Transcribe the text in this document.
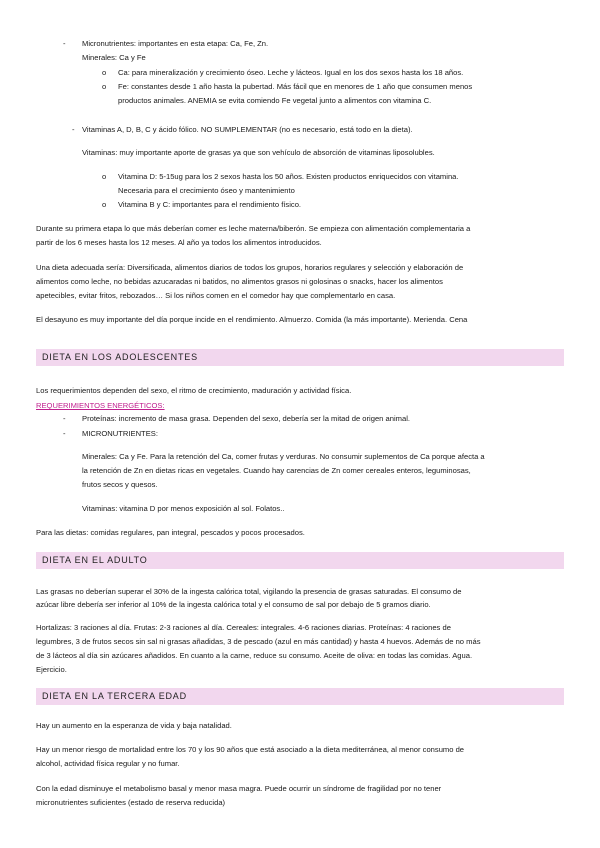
- Micronutrientes: importantes en esta etapa: Ca, Fe, Zn.

Minerales: Ca y Fe

o Ca: para mineralización y crecimiento óseo. Leche y lácteos. Igual en los dos sexos hasta los 18 años.

o Fe: constantes desde 1 año hasta la pubertad. Más fácil que en menores de 1 año que consumen menos

productos animales. ANEMIA se evita comiendo Fe vegetal junto a alimentos con vitamina C.

- Vitaminas A, D, B, C y ácido fólico. NO SUMPLEMENTAR (no es necesario, está todo en la dieta).

Vitaminas: muy importante aporte de grasas ya que son vehículo de absorción de vitaminas liposolubles.

o Vitamina D: 5-15ug para los 2 sexos hasta los 50 años. Existen productos enriquecidos con vitamina.

Necesaria para el crecimiento óseo y mantenimiento

o Vitamina B y C: importantes para el rendimiento físico.

Durante su primera etapa lo que más deberían comer es leche materna/biberón. Se empieza con alimentación complementaria a

partir de los 6 meses hasta los 12 meses. Al año ya todos los alimentos introducidos.

Una dieta adecuada sería: Diversificada, alimentos diarios de todos los grupos, horarios regulares y selección y elaboración de

alimentos como leche, no bebidas azucaradas ni batidos, no alimentos grasos ni golosinas o snacks, hacer los alimentos

apetecibles, evitar fritos, rebozados… Si los niños comen en el comedor hay que complementarlo en casa.

El desayuno es muy importante del día porque incide en el rendimiento. Almuerzo. Comida (la más importante). Merienda. Cena

DIETA EN LOS ADOLESCENTES

Los requerimientos dependen del sexo, el ritmo de crecimiento, maduración y actividad física.

REQUERIMIENTOS ENERGÉTICOS:

- Proteínas: incremento de masa grasa. Dependen del sexo, debería ser la mitad de origen animal.

- MICRONUTRIENTES:

Minerales: Ca y Fe. Para la retención del Ca, comer frutas y verduras. No consumir suplementos de Ca porque afecta a

la retención de Zn en dietas ricas en vegetales. Cuando hay carencias de Zn comer cereales enteros, leguminosas,

frutos secos y quesos.

Vitaminas: vitamina D por menos exposición al sol. Folatos..

Para las dietas: comidas regulares, pan integral, pescados y pocos procesados.

DIETA EN EL ADULTO

Las grasas no deberían superar el 30% de la ingesta calórica total, vigilando la presencia de grasas saturadas. El consumo de

azúcar libre debería ser inferior al 10% de la ingesta calórica total y el consumo de sal por debajo de 5 gramos diario.

Hortalizas: 3 raciones al día. Frutas: 2-3 raciones al día. Cereales: integrales. 4-6 raciones diarias. Proteínas: 4 raciones de

legumbres, 3 de frutos secos sin sal ni grasas añadidas, 3 de pescado (azul en más cantidad) y hasta 4 huevos. Además de no más

de 3 lácteos al día sin azúcares añadidos. En cuanto a la carne, reduce su consumo. Aceite de oliva: en todas las comidas. Agua.

Ejercicio.

DIETA EN LA TERCERA EDAD

Hay un aumento en la esperanza de vida y baja natalidad.

Hay un menor riesgo de mortalidad entre los 70 y los 90 años que está asociado a la dieta mediterránea, al menor consumo de

alcohol, actividad física regular y no fumar.

Con la edad disminuye el metabolismo basal y menor masa magra. Puede ocurrir un síndrome de fragilidad por no tener

micronutrientes suficientes (estado de reserva reducida)
